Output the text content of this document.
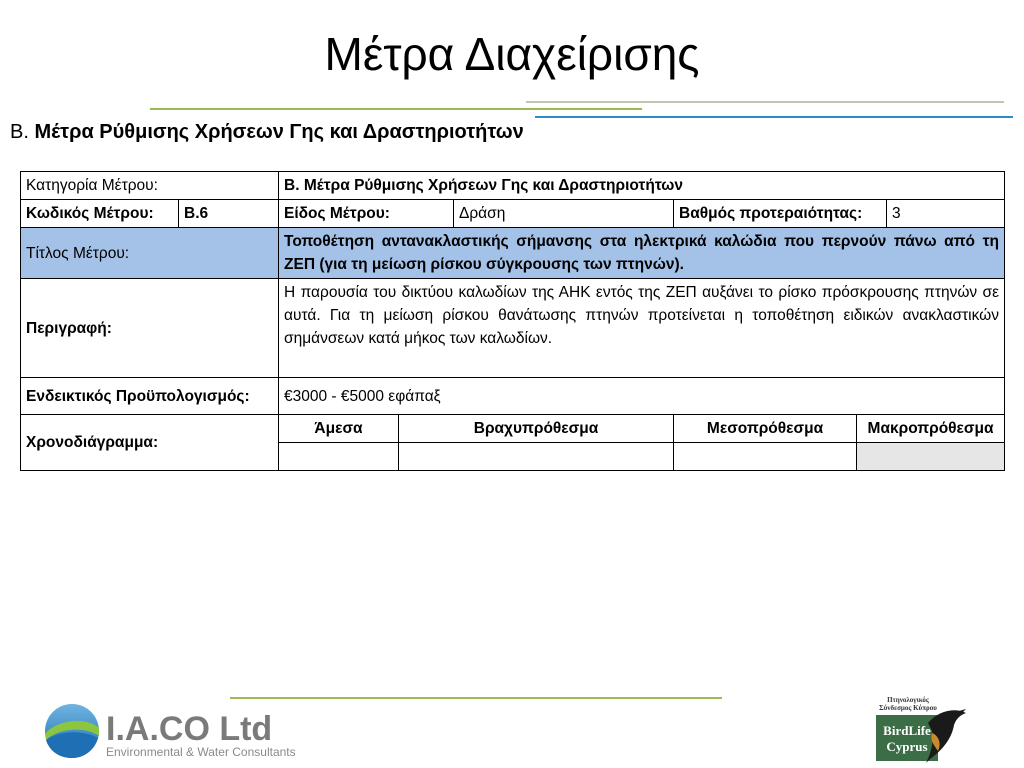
Μέτρα Διαχείρισης
Β. Μέτρα Ρύθμισης Χρήσεων Γης και Δραστηριοτήτων
Κατηγορία Μέτρου:		Β. Μέτρα Ρύθμισης Χρήσεων Γης και Δραστηριοτήτων					
Κωδικός Μέτρου:	Β.6	Είδος Μέτρου:		Δράση	Βαθμός προτεραιότητας:		3
Τίτλος Μέτρου:		Τοποθέτηση αντανακλαστικής σήμανσης στα ηλεκτρικά καλώδια που περνούν πάνω από τη ΖΕΠ (για τη μείωση ρίσκου σύγκρουσης των πτηνών).					
Περιγραφή:		Η παρουσία του δικτύου καλωδίων της ΑΗΚ εντός της ΖΕΠ αυξάνει το ρίσκο πρόσκρουσης πτηνών σε αυτά. Για τη μείωση ρίσκου θανάτωσης πτηνών προτείνεται η τοποθέτηση ειδικών ανακλαστικών σημάνσεων κατά μήκος των καλωδίων.					
Ενδεικτικός Προϋπολογισμός:		€3000 - €5000 εφάπαξ					
Χρονοδιάγραμμα:		Άμεσα	Βραχυπρόθεσμα		Μεσοπρόθεσμα	Μακροπρόθεσμα	

I.A.CO Ltd
Environmental & Water Consultants
Πτηνολογικός
Σύνδεσμος Κύπρου
BirdLife
Cyprus
